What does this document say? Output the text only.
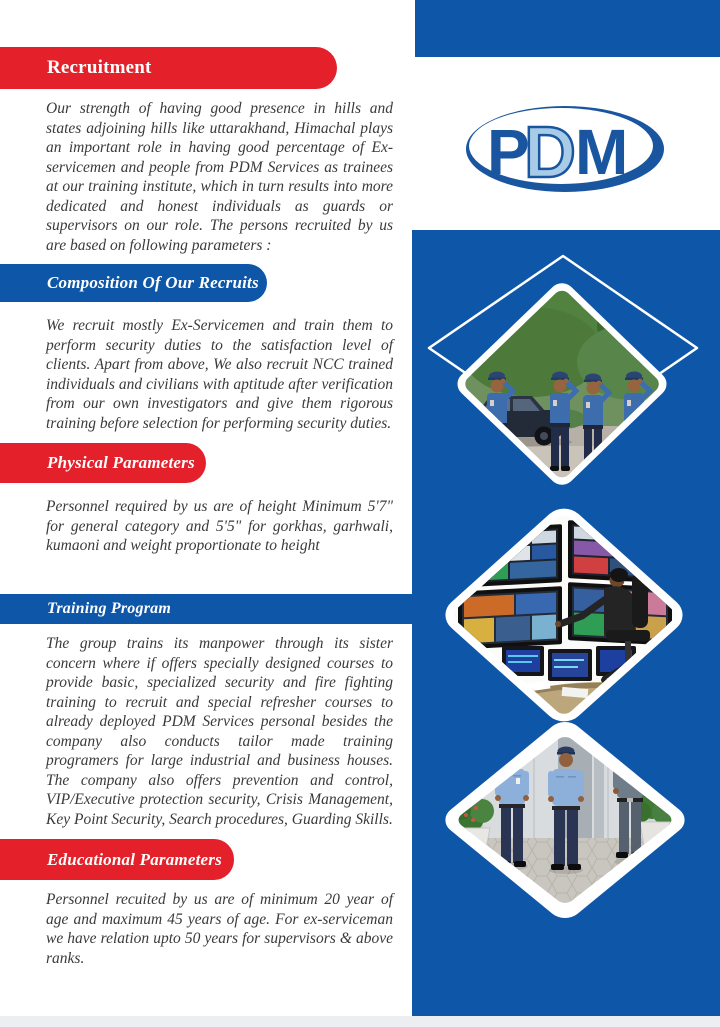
Recruitment

Our strength of having good presence in hills and states adjoining hills like uttarakhand, Himachal plays an important role in having good percentage of Ex-servicemen and people from PDM Services as trainees at our training institute, which in turn results into more dedicated and honest individuals as guards or supervisors on our role. The persons recruited by us are based on following parameters :

Composition Of Our Recruits

We recruit mostly Ex-Servicemen and train them to perform security duties to the satisfaction level of clients. Apart from above, We also recruit NCC trained individuals and civilians with aptitude after verification from our own investigators and give them rigorous training before selection for performing security duties.

Physical Parameters

Personnel required by us are of height Minimum 5'7" for general category and 5'5" for gorkhas, garhwali, kumaoni and weight proportionate to height

Training Program

The group trains its manpower through its sister concern where if offers specially designed courses to provide basic, specialized security and fire fighting training to recruit and special refresher courses to already deployed PDM Services personal besides the company also conducts tailor made training programers for large industrial and business houses. The company also offers prevention and control, VIP/Executive protection security, Crisis Management, Key Point Security, Search procedures, Guarding Skills.

Educational Parameters

Personnel recuited by us are of minimum 20 year of age and maximum 45 years of age. For ex-serviceman we have relation upto 50 years for supervisors & above ranks.

P
D M
